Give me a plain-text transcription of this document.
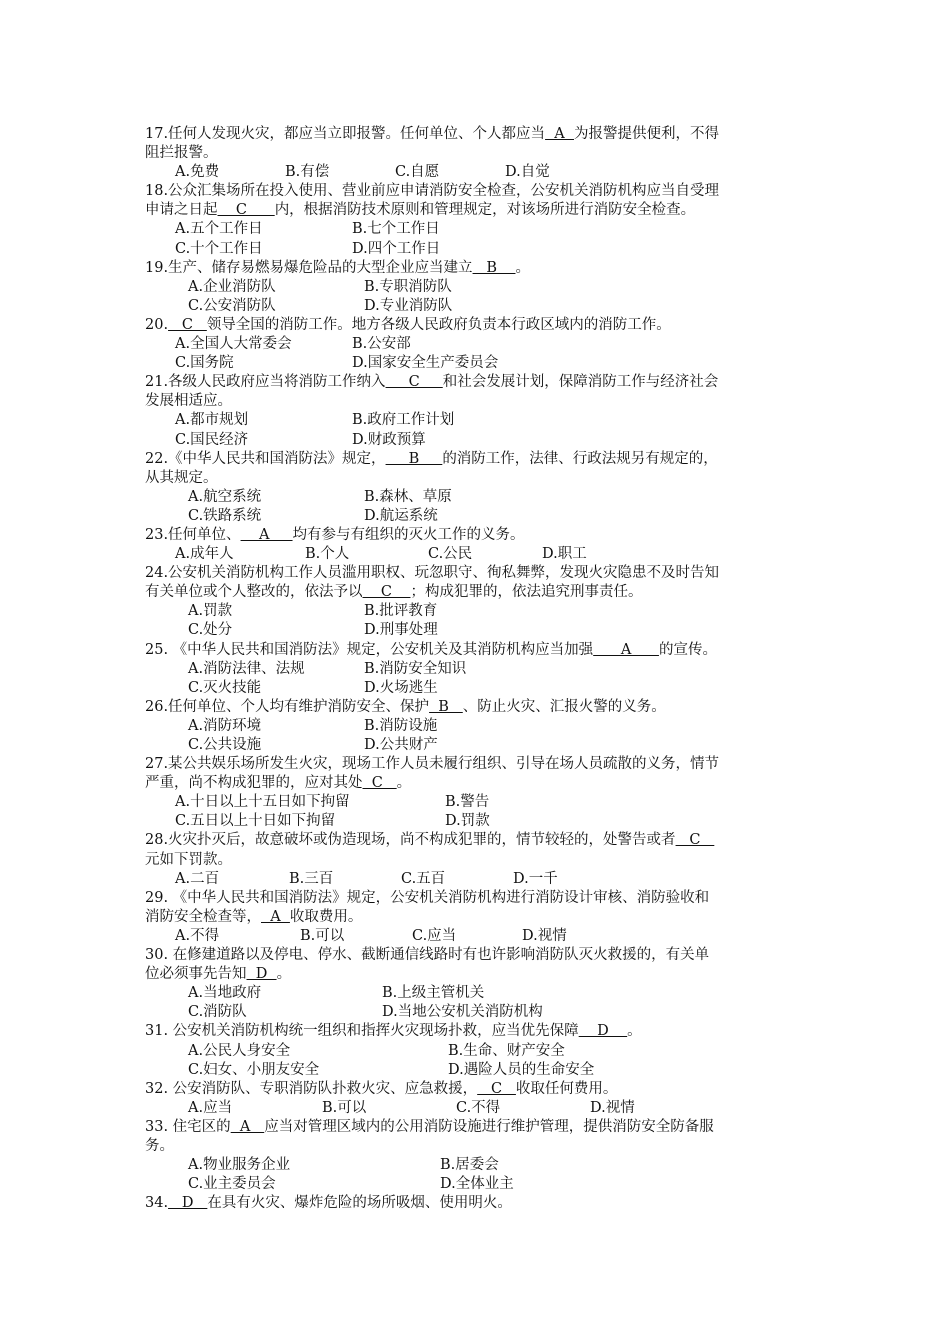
17.任何人发现火灾，都应当立即报警。任何单位、个人都应当  A  为报警提供便利，不得
阻拦报警。
A.免费	B.有偿	C.自愿	D.自觉
18.公众汇集场所在投入使用、营业前应申请消防安全检查，公安机关消防机构应当自受理
申请之日起    C      内，根据消防技术原则和管理规定，对该场所进行消防安全检查。
A.五个工作日	B.七个工作日
C.十个工作日	D.四个工作日
19.生产、储存易燃易爆危险品的大型企业应当建立   B    。
A.企业消防队	B.专职消防队
C.公安消防队	D.专业消防队
20.   C   领导全国的消防工作。地方各级人民政府负责本行政区域内的消防工作。
A.全国人大常委会	B.公安部
C.国务院	D.国家安全生产委员会
21.各级人民政府应当将消防工作纳入     C     和社会发展计划，保障消防工作与经济社会
发展相适应。
A.都市规划	B.政府工作计划
C.国民经济	D.财政预算
22.《中华人民共和国消防法》规定，     B     的消防工作，法律、行政法规另有规定的，
从其规定。
A.航空系统	B.森林、草原
C.铁路系统	D.航运系统
23.任何单位、    A     均有参与有组织的灭火工作的义务。
A.成年人	B.个人	C.公民	D.职工
24.公安机关消防机构工作人员滥用职权、玩忽职守、徇私舞弊，发现火灾隐患不及时告知
有关单位或个人整改的，依法予以    C    ；构成犯罪的，依法追究刑事责任。
A.罚款	B.批评教育
C.处分	D.刑事处理
25. 《中华人民共和国消防法》规定，公安机关及其消防机构应当加强      A      的宣传。
A.消防法律、法规	B.消防安全知识
C.灭火技能	D.火场逃生
26.任何单位、个人均有维护消防安全、保护  B   、防止火灾、汇报火警的义务。
A.消防环境	B.消防设施
C.公共设施	D.公共财产
27.某公共娱乐场所发生火灾，现场工作人员未履行组织、引导在场人员疏散的义务，情节
严重，尚不构成犯罪的，应对其处  C   。
A.十日以上十五日如下拘留	B.警告
C.五日以上十日如下拘留	D.罚款
28.火灾扑灭后，故意破坏或伪造现场，尚不构成犯罪的，情节较轻的，处警告或者   C
元如下罚款。
A.二百	B.三百	C.五百	D.一千
29. 《中华人民共和国消防法》规定，公安机关消防机构进行消防设计审核、消防验收和
消防安全检查等，  A  收取费用。
A.不得	B.可以	C.应当	D.视情
30. 在修建道路以及停电、停水、截断通信线路时有也许影响消防队灭火救援的，有关单
位必须事先告知  D  。
A.当地政府	B.上级主管机关
C.消防队	D.当地公安机关消防机构
31. 公安机关消防机构统一组织和指挥火灾现场扑救，应当优先保障    D    。
A.公民人身安全	B.生命、财产安全
C.妇女、小朋友安全	D.遇险人员的生命安全
32. 公安消防队、专职消防队扑救火灾、应急救援，   C   收取任何费用。
A.应当	B.可以	C.不得	D.视情
33. 住宅区的  A   应当对管理区域内的公用消防设施进行维护管理，提供消防安全防备服
务。
A.物业服务企业	B.居委会
C.业主委员会	D.全体业主
34.   D   在具有火灾、爆炸危险的场所吸烟、使用明火。
